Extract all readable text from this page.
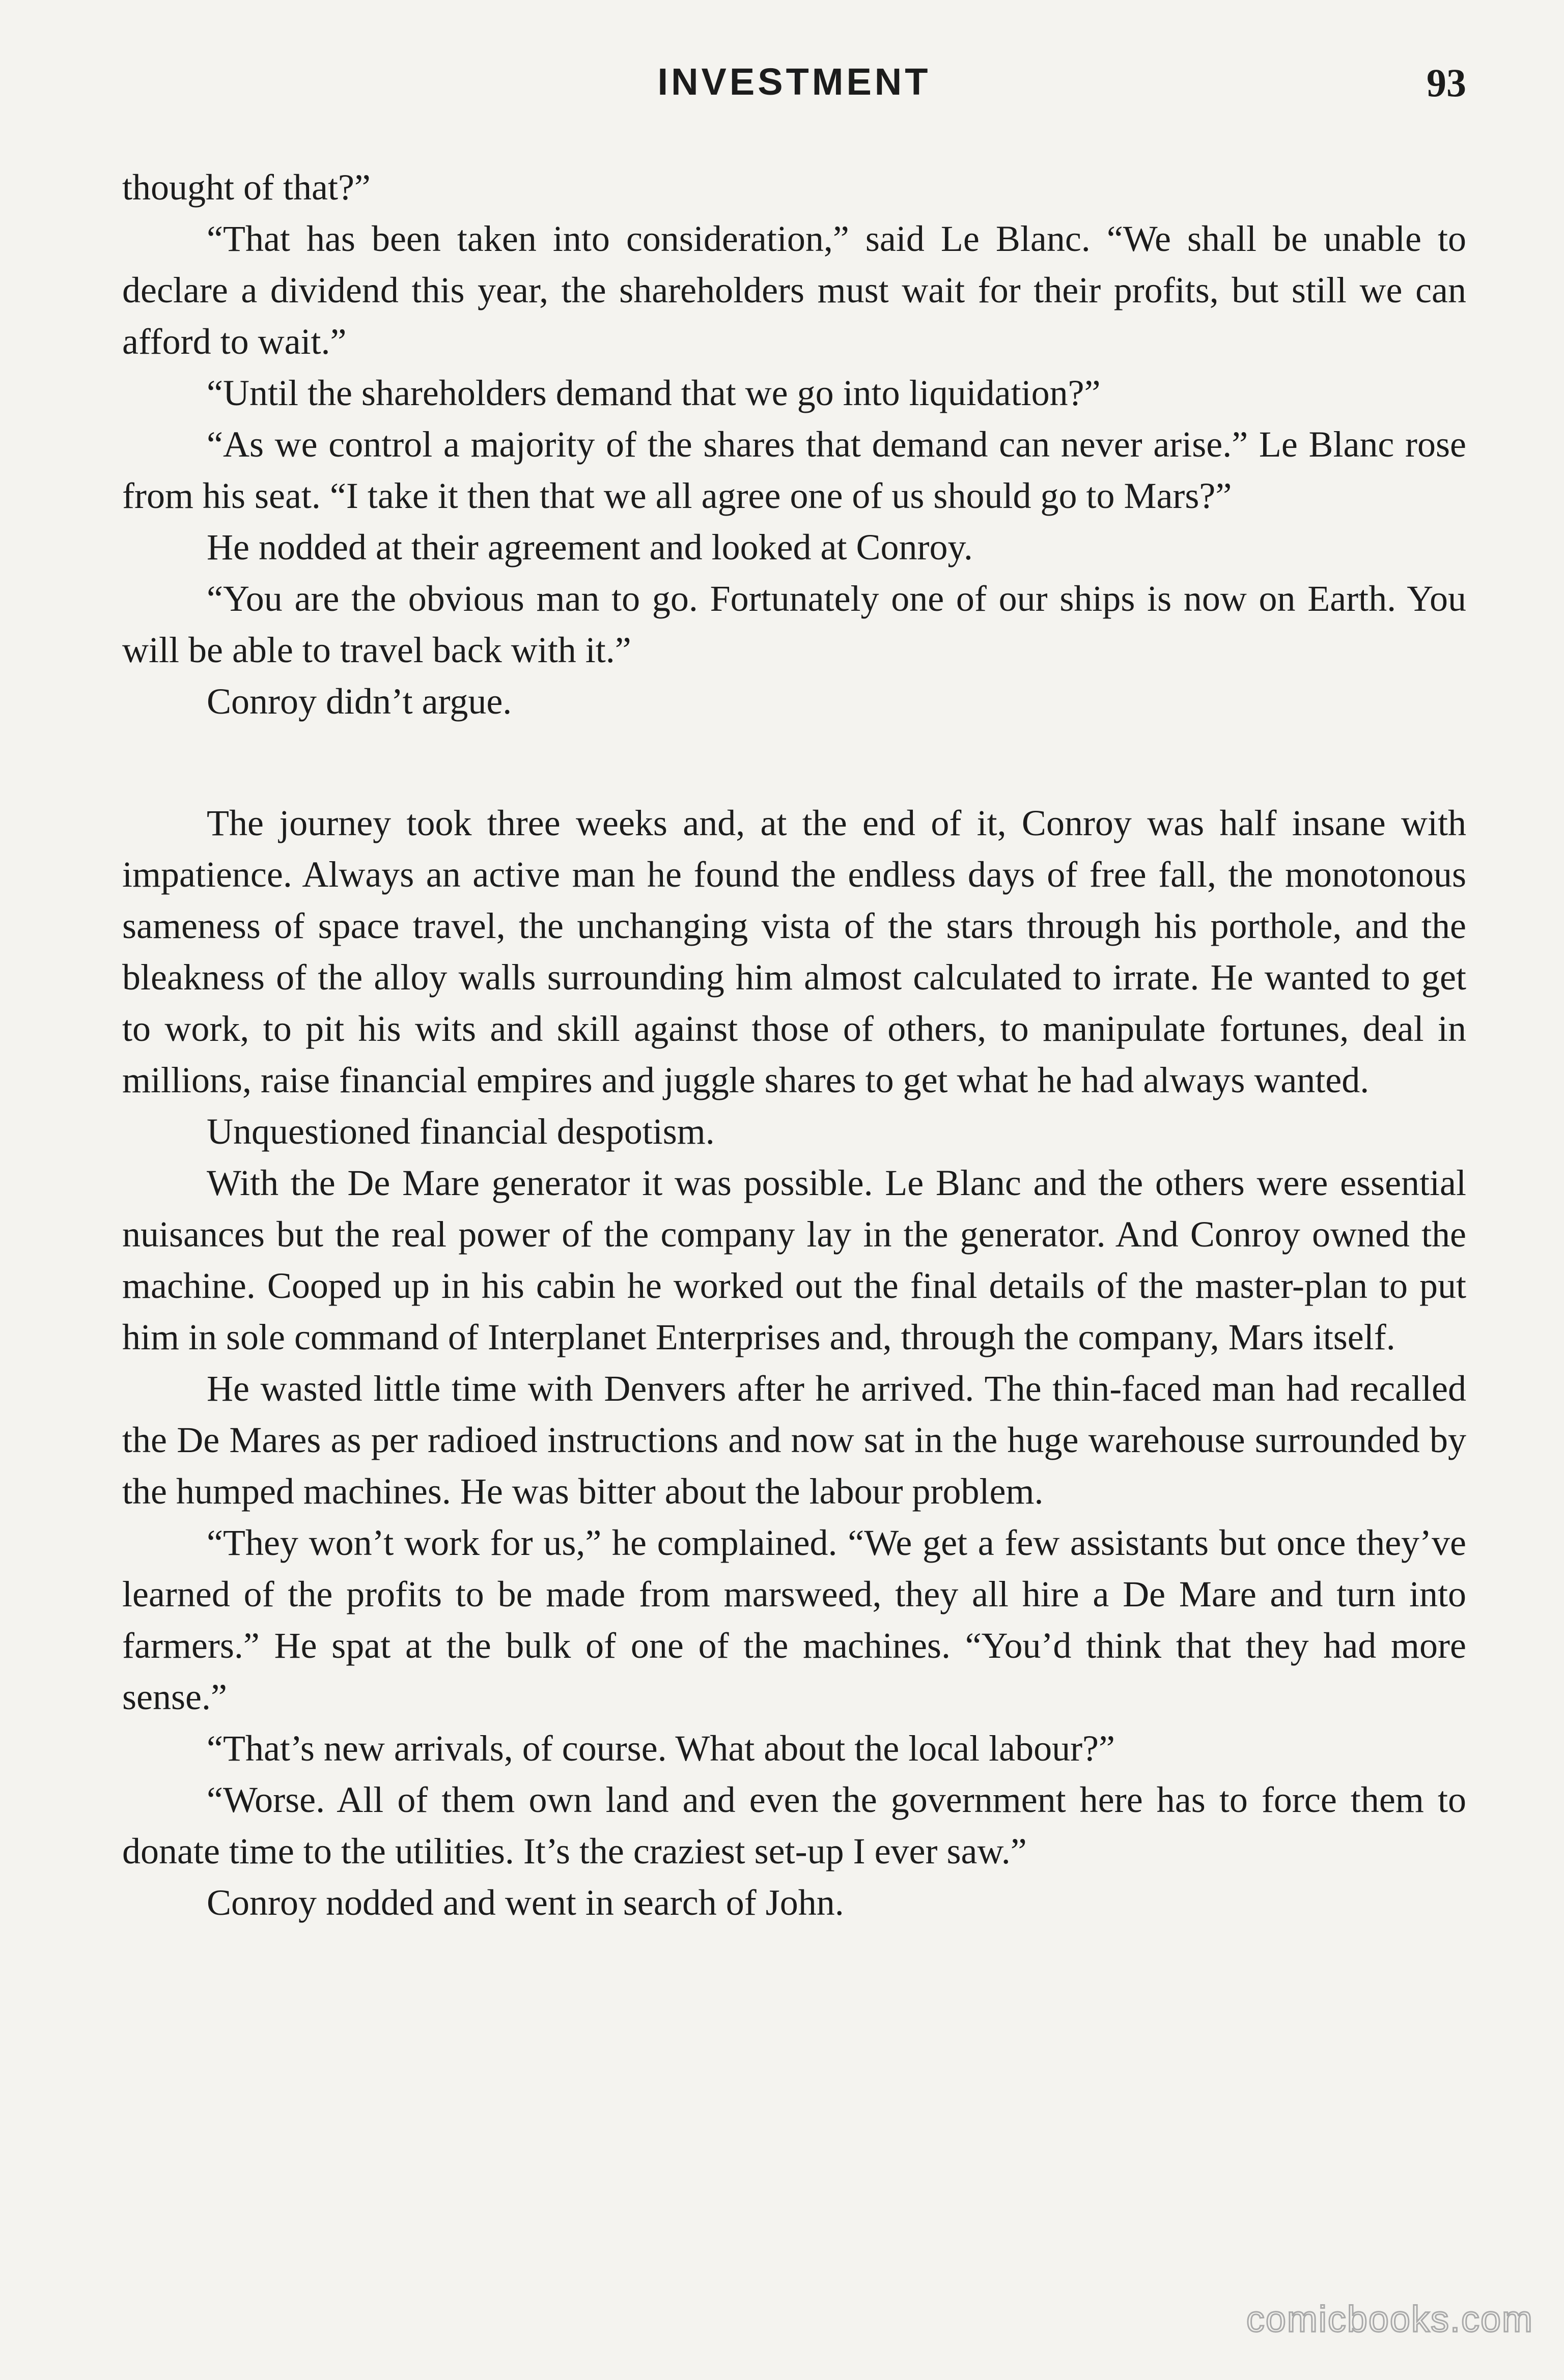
INVESTMENT	93

thought of that?”

“That has been taken into consideration,” said Le Blanc. “We shall be unable to declare a dividend this year, the shareholders must wait for their profits, but still we can afford to wait.”

“Until the shareholders demand that we go into liquidation?”

“As we control a majority of the shares that demand can never arise.” Le Blanc rose from his seat. “I take it then that we all agree one of us should go to Mars?”

He nodded at their agreement and looked at Conroy.

“You are the obvious man to go. Fortunately one of our ships is now on Earth. You will be able to travel back with it.”

Conroy didn’t argue.

The journey took three weeks and, at the end of it, Conroy was half insane with impatience. Always an active man he found the endless days of free fall, the monotonous sameness of space travel, the unchanging vista of the stars through his porthole, and the bleakness of the alloy walls surrounding him almost calculated to irrate. He wanted to get to work, to pit his wits and skill against those of others, to manipulate fortunes, deal in millions, raise financial empires and juggle shares to get what he had always wanted.

Unquestioned financial despotism.

With the De Mare generator it was possible. Le Blanc and the others were essential nuisances but the real power of the company lay in the generator. And Conroy owned the machine. Cooped up in his cabin he worked out the final details of the master-plan to put him in sole command of Interplanet Enterprises and, through the company, Mars itself.

He wasted little time with Denvers after he arrived. The thin-faced man had recalled the De Mares as per radioed instructions and now sat in the huge warehouse surrounded by the humped machines. He was bitter about the labour problem.

“They won’t work for us,” he complained. “We get a few assistants but once they’ve learned of the profits to be made from marsweed, they all hire a De Mare and turn into farmers.” He spat at the bulk of one of the machines. “You’d think that they had more sense.”

“That’s new arrivals, of course. What about the local labour?”

“Worse. All of them own land and even the government here has to force them to donate time to the utilities. It’s the craziest set-up I ever saw.”

Conroy nodded and went in search of John.

comicbooks.com
